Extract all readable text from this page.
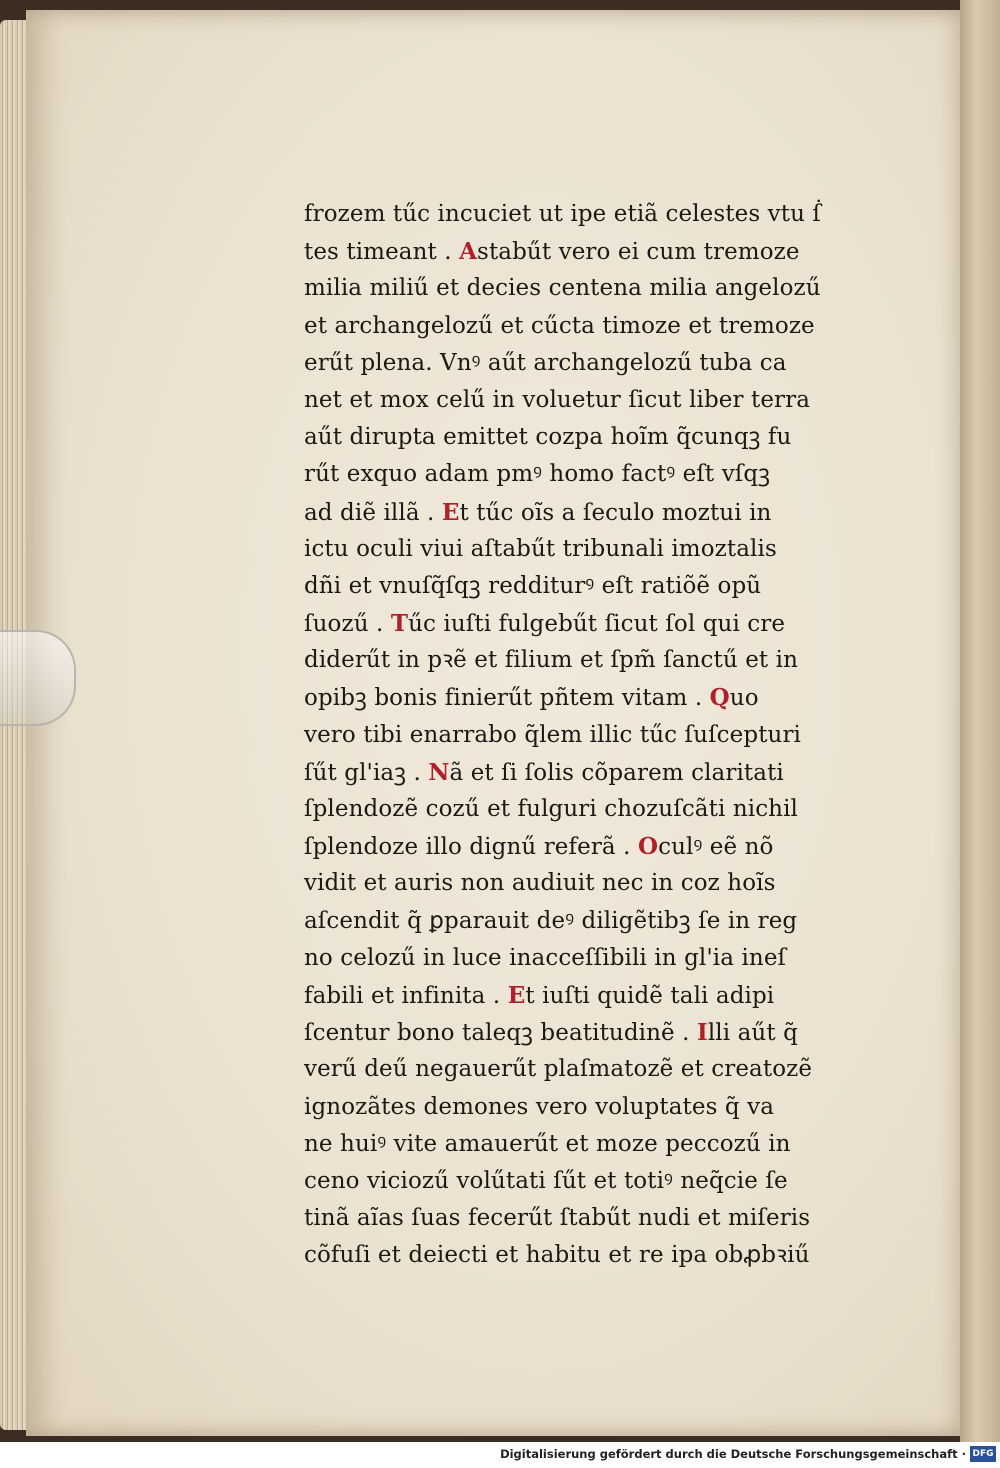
frozem tűc incuciet ut ipe etiã celestes vtu ẛ
tes timeant . Astabűt vero ei cum tremoze
milia miliű et decies centena milia angelozű
et archangelozű et cűcta timoze et tremoze
erűt plena. Vnꝰ aűt archangelozű tuba ca
net et mox celű in voluetur ſicut liber terra
aűt dirupta emittet cozpa hoĩm q̃cunqꝫ fu
rűt exquo adam pmꝰ homo factꝰ eſt vſqꝫ
ad diẽ illã . Et tűc oĩs a ſeculo moztui in
ictu oculi viui aſtabűt tribunali imoztalis
dñi et vnuſq̃ſqꝫ redditurꝰ eſt ratiõẽ opũ
ſuozű . Tűc iuſti fulgebűt ſicut ſol qui cre
diderűt in pꝛẽ et filium et ſpm̃ ſanctű et in
opibꝫ bonis finierűt pñtem vitam . Quo
vero tibi enarrabo q̃lem illic tűc ſuſcepturi
ſűt gl'iaꝫ . Nã et ſi ſolis cõparem claritati
ſplendozẽ cozű et fulguri chozuſcãti nichil
ſplendoze illo dignű referã . Oculꝰ eẽ nõ
vidit et auris non audiuit nec in coz hoĩs
aſcendit q̃ ꝑparauit deꝰ diligẽtibꝫ ſe in reg
no celozű in luce inacceſſibili in gl'ia ineſ
fabili et infinita . Et iuſti quidẽ tali adipi
ſcentur bono taleqꝫ beatitudinẽ . Illi aűt q̃
verű deű negauerűt plaſmatozẽ et creatozẽ
ignozãtes demones vero voluptates q̃ va
ne huiꝰ vite amauerűt et moze peccozű in
ceno viciozű volűtati ſűt et totiꝰ neq̃cie ſe
tinã aĩas ſuas fecerűt ſtabűt nudi et miſeris
cõfuſi et deiecti et habitu et re ipa obꝓbꝛiű
Digitalisierung gefördert durch die Deutsche Forschungsgemeinschaft · DFG
